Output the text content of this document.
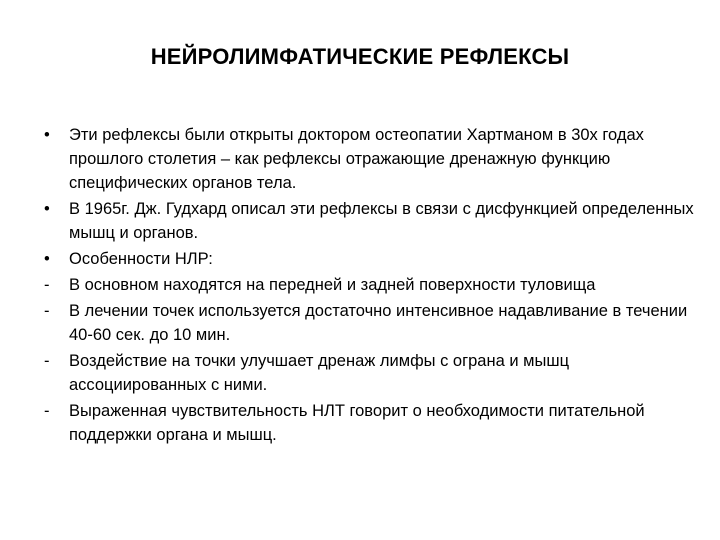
НЕЙРОЛИМФАТИЧЕСКИЕ РЕФЛЕКСЫ
•	Эти рефлексы были открыты доктором остеопатии Хартманом в 30х годах прошлого столетия – как рефлексы отражающие дренажную функцию специфических органов тела.
•	В 1965г. Дж. Гудхард описал эти рефлексы в связи с дисфункцией определенных мышц и органов.
•	Особенности НЛР:
-	В основном находятся на передней и задней поверхности туловища
-	В лечении точек используется достаточно интенсивное надавливание в течении 40-60 сек. до 10 мин.
-	Воздействие на точки улучшает дренаж лимфы с ограна и мышц ассоциированных с ними.
-	Выраженная чувствительность НЛТ говорит о необходимости питательной поддержки органа и мышц.
